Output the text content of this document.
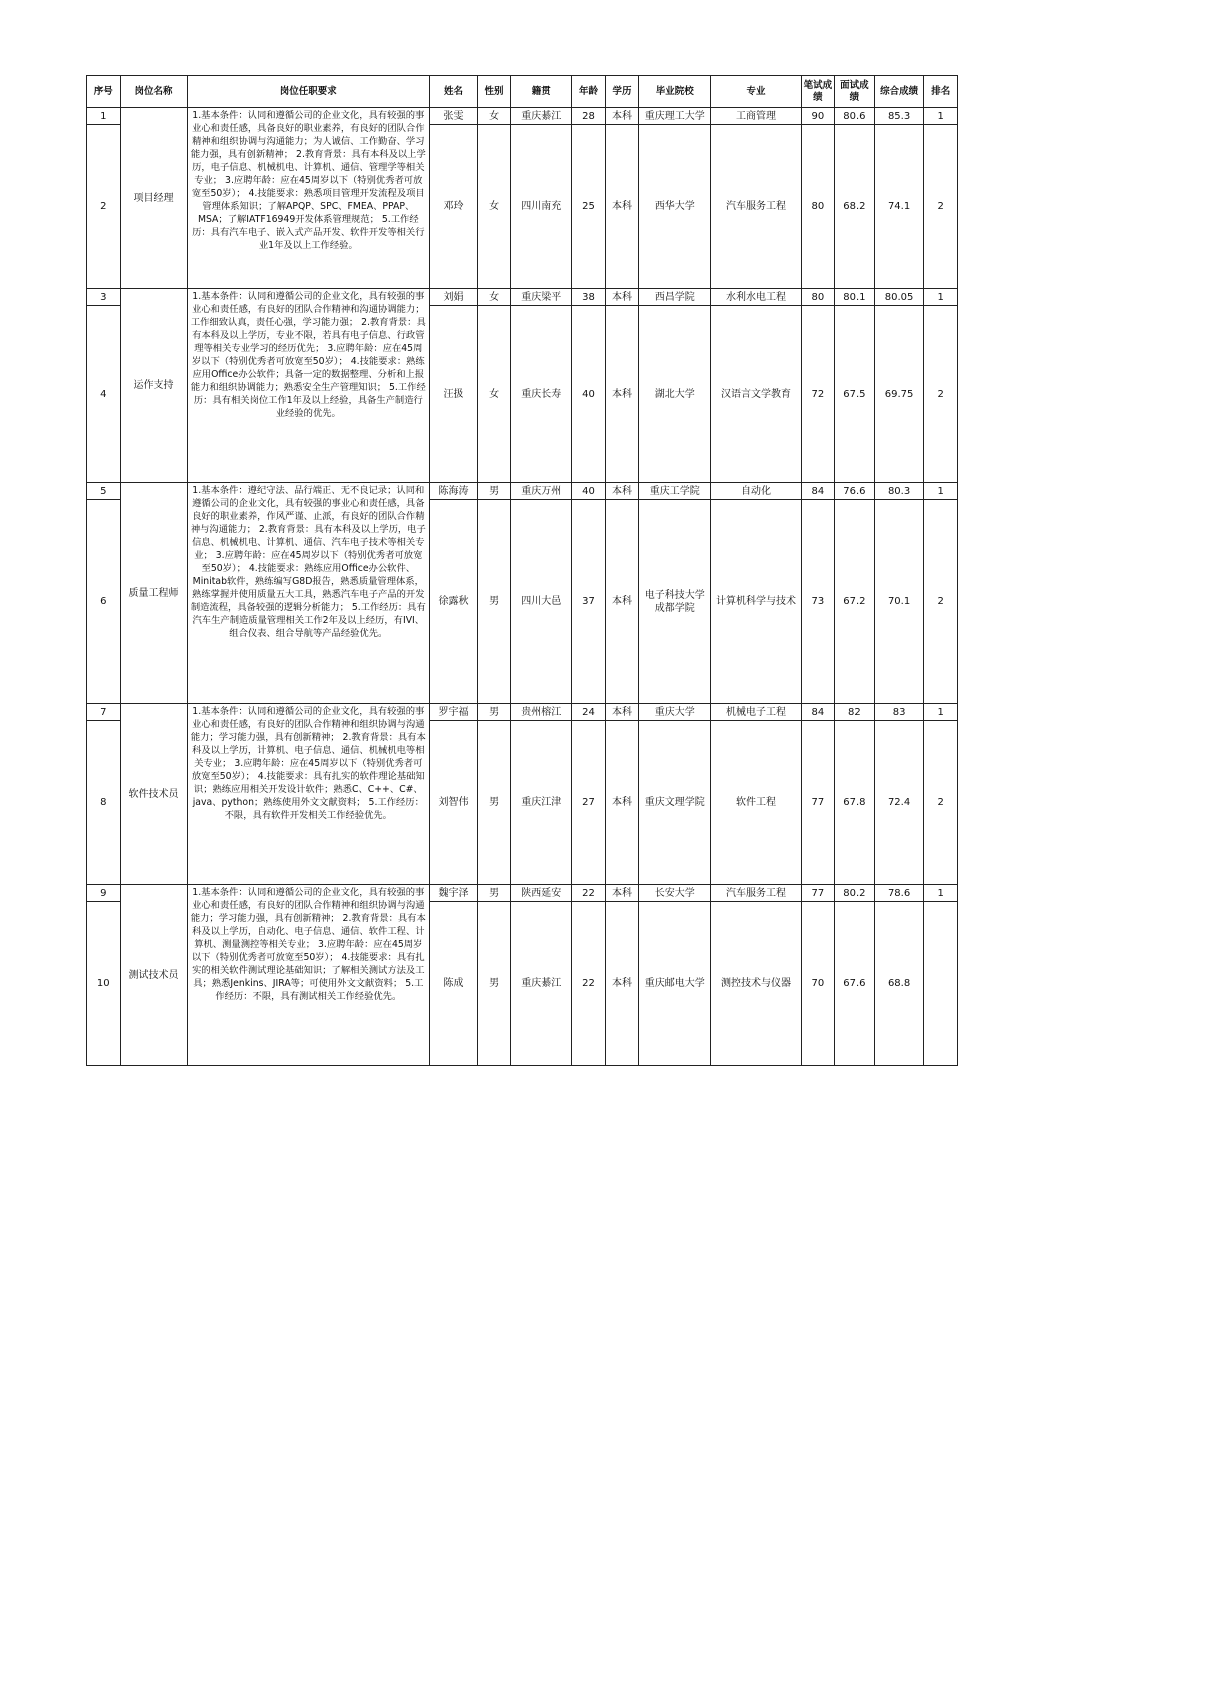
序号	岗位名称	岗位任职要求	姓名	性别	籍贯	年龄	学历	毕业院校	专业	笔试成绩	面试成绩	综合成绩	排名
1	项目经理	1.基本条件：认同和遵循公司的企业文化，具有较强的事业心和责任感，具备良好的职业素养，有良好的团队合作精神和组织协调与沟通能力；为人诚信、工作勤奋、学习能力强，具有创新精神； 2.教育背景：具有本科及以上学历，电子信息、机械机电、计算机、通信、管理学等相关专业； 3.应聘年龄：应在45周岁以下（特别优秀者可放宽至50岁）； 4.技能要求：熟悉项目管理开发流程及项目管理体系知识；了解APQP、SPC、FMEA、PPAP、MSA；了解IATF16949开发体系管理规范； 5.工作经历：具有汽车电子、嵌入式产品开发、软件开发等相关行业1年及以上工作经验。	张雯	女	重庆綦江	28	本科	重庆理工大学	工商管理	90	80.6	85.3	1
2			邓玲	女	四川南充	25	本科	西华大学	汽车服务工程	80	68.2	74.1	2
3	运作支持	1.基本条件：认同和遵循公司的企业文化，具有较强的事业心和责任感，有良好的团队合作精神和沟通协调能力；工作细致认真，责任心强，学习能力强； 2.教育背景：具有本科及以上学历，专业不限，若具有电子信息、行政管理等相关专业学习的经历优先； 3.应聘年龄：应在45周岁以下（特别优秀者可放宽至50岁）； 4.技能要求：熟练应用Office办公软件；具备一定的数据整理、分析和上报能力和组织协调能力；熟悉安全生产管理知识； 5.工作经历：具有相关岗位工作1年及以上经验，具备生产制造行业经验的优先。	刘娟	女	重庆梁平	38	本科	西昌学院	水利水电工程	80	80.1	80.05	1
4			汪扱	女	重庆长寿	40	本科	湖北大学	汉语言文学教育	72	67.5	69.75	2
5	质量工程师	1.基本条件：遵纪守法、品行端正、无不良记录；认同和遵循公司的企业文化，具有较强的事业心和责任感，具备良好的职业素养，作风严谨、止派，有良好的团队合作精神与沟通能力； 2.教育背景：具有本科及以上学历，电子信息、机械机电、计算机、通信、汽车电子技术等相关专业； 3.应聘年龄：应在45周岁以下（特别优秀者可放宽至50岁）； 4.技能要求：熟练应用Office办公软件、Minitab软件，熟练编写G8D报告，熟悉质量管理体系，熟练掌握并使用质量五大工具，熟悉汽车电子产品的开发制造流程，具备较强的逻辑分析能力； 5.工作经历：具有汽车生产制造质量管理相关工作2年及以上经历，有IVI、组合仪表、组合导航等产品经验优先。	陈海涛	男	重庆万州	40	本科	重庆工学院	自动化	84	76.6	80.3	1
6			徐露秋	男	四川大邑	37	本科	电子科技大学成都学院	计算机科学与技术	73	67.2	70.1	2
7	软件技术员	1.基本条件：认同和遵循公司的企业文化，具有较强的事业心和责任感，有良好的团队合作精神和组织协调与沟通能力；学习能力强，具有创新精神； 2.教育背景：具有本科及以上学历，计算机、电子信息、通信、机械机电等相关专业； 3.应聘年龄：应在45周岁以下（特别优秀者可放宽至50岁）； 4.技能要求：具有扎实的软件理论基础知识；熟练应用相关开发设计软件；熟悉C、C++、C#、java、python；熟练使用外文文献资料； 5.工作经历：不限，具有软件开发相关工作经验优先。	罗宇福	男	贵州榕江	24	本科	重庆大学	机械电子工程	84	82	83	1
8			刘智伟	男	重庆江津	27	本科	重庆文理学院	软件工程	77	67.8	72.4	2
9	测试技术员	1.基本条件：认同和遵循公司的企业文化，具有较强的事业心和责任感，有良好的团队合作精神和组织协调与沟通能力；学习能力强，具有创新精神； 2.教育背景：具有本科及以上学历，自动化、电子信息、通信、软件工程、计算机、测量测控等相关专业； 3.应聘年龄：应在45周岁以下（特别优秀者可放宽至50岁）； 4.技能要求：具有扎实的相关软件测试理论基础知识；了解相关测试方法及工具；熟悉Jenkins、JIRA等；可使用外文文献资料； 5.工作经历：不限，具有测试相关工作经验优先。	魏宇泽	男	陕西延安	22	本科	长安大学	汽车服务工程	77	80.2	78.6	1
10			陈成	男	重庆綦江	22	本科	重庆邮电大学	测控技术与仪器	70	67.6	68.8	
